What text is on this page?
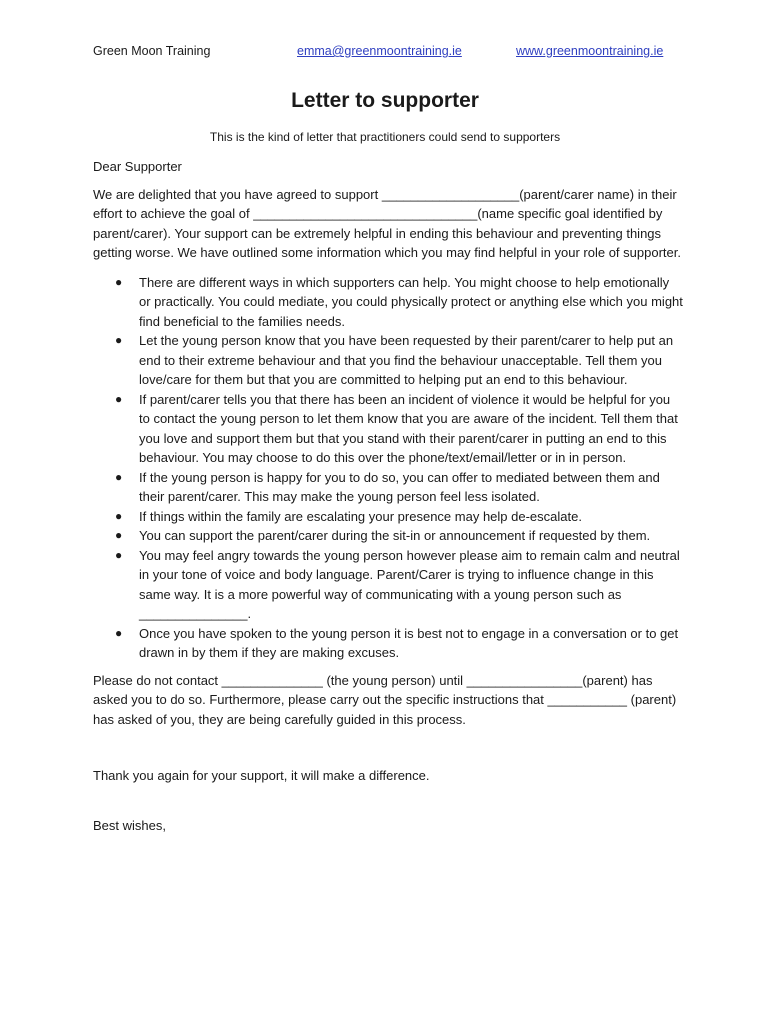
Green Moon Training	emma@greenmoontraining.ie	www.greenmoontraining.ie
Letter to supporter
This is the kind of letter that practitioners could send to supporters

Dear Supporter

We are delighted that you have agreed to support ___________________(parent/carer name) in their effort to achieve the goal of _______________________________(name specific goal identified by parent/carer). Your support can be extremely helpful in ending this behaviour and preventing things getting worse. We have outlined some information which you may find helpful in your role of supporter.

● There are different ways in which supporters can help. You might choose to help emotionally or practically. You could mediate, you could physically protect or anything else which you might find beneficial to the families needs.
● Let the young person know that you have been requested by their parent/carer to help put an end to their extreme behaviour and that you find the behaviour unacceptable. Tell them you love/care for them but that you are committed to helping put an end to this behaviour.
● If parent/carer tells you that there has been an incident of violence it would be helpful for you to contact the young person to let them know that you are aware of the incident. Tell them that you love and support them but that you stand with their parent/carer in putting an end to this behaviour. You may choose to do this over the phone/text/email/letter or in in person.
● If the young person is happy for you to do so, you can offer to mediated between them and their parent/carer. This may make the young person feel less isolated.
● If things within the family are escalating your presence may help de-escalate.
● You can support the parent/carer during the sit-in or announcement if requested by them.
● You may feel angry towards the young person however please aim to remain calm and neutral in your tone of voice and body language. Parent/Carer is trying to influence change in this same way. It is a more powerful way of communicating with a young person such as _______________.
● Once you have spoken to the young person it is best not to engage in a conversation or to get drawn in by them if they are making excuses.

Please do not contact ______________ (the young person) until ________________(parent) has asked you to do so. Furthermore, please carry out the specific instructions that ___________ (parent) has asked of you, they are being carefully guided in this process.

Thank you again for your support, it will make a difference.

Best wishes,
